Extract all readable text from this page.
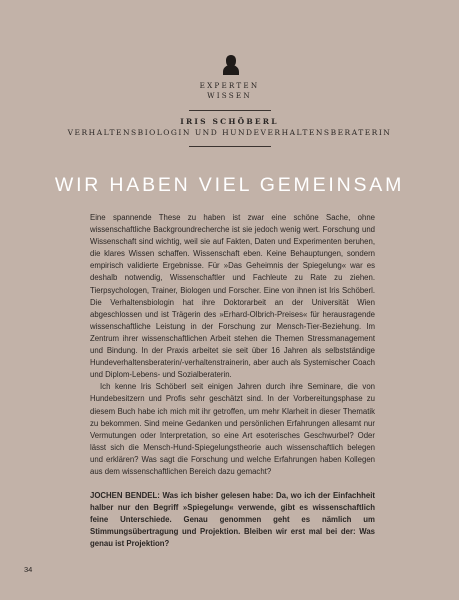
EXPERTEN
WISSEN
IRIS SCHÖBERL
VERHALTENSBIOLOGIN UND HUNDEVERHALTENSBERATERIN
WIR HABEN VIEL GEMEINSAM

Eine spannende These zu haben ist zwar eine schöne Sache, ohne wissenschaftliche Backgroundrecherche ist sie jedoch wenig wert. Forschung und Wissenschaft sind wichtig, weil sie auf Fakten, Daten und Experimenten beruhen, die klares Wissen schaffen. Wissenschaft eben. Keine Behauptungen, sondern empirisch validierte Ergebnisse. Für »Das Geheimnis der Spiegelung« war es deshalb notwendig, Wissenschaftler und Fachleute zu Rate zu ziehen. Tierpsychologen, Trainer, Biologen und Forscher. Eine von ihnen ist Iris Schöberl. Die Verhaltensbiologin hat ihre Doktorarbeit an der Universität Wien abgeschlossen und ist Trägerin des »Erhard-Olbrich-Preises« für herausragende wissenschaftliche Leistung in der Forschung zur Mensch-Tier-Beziehung. Im Zentrum ihrer wissenschaftlichen Arbeit stehen die Themen Stressmanagement und Bindung. In der Praxis arbeitet sie seit über 16 Jahren als selbstständige Hundeverhaltensberaterin/-verhaltenstrainerin, aber auch als Systemischer Coach und Diplom-Lebens- und Sozialberaterin.

Ich kenne Iris Schöberl seit einigen Jahren durch ihre Seminare, die von Hundebesitzern und Profis sehr geschätzt sind. In der Vorbereitungsphase zu diesem Buch habe ich mich mit ihr getroffen, um mehr Klarheit in dieser Thematik zu bekommen. Sind meine Gedanken und persönlichen Erfahrungen allesamt nur Vermutungen oder Interpretation, so eine Art esoterisches Geschwurbel? Oder lässt sich die Mensch-Hund-Spiegelungstheorie auch wissenschaftlich belegen und erklären? Was sagt die Forschung und welche Erfahrungen haben Kollegen aus dem wissenschaftlichen Bereich dazu gemacht?

JOCHEN BENDEL: Was ich bisher gelesen habe: Da, wo ich der Einfachheit halber nur den Begriff »Spiegelung« verwende, gibt es wissenschaftlich feine Unterschiede. Genau genommen geht es nämlich um Stimmungsübertragung und Projektion. Bleiben wir erst mal bei der: Was genau ist Projektion?

34
